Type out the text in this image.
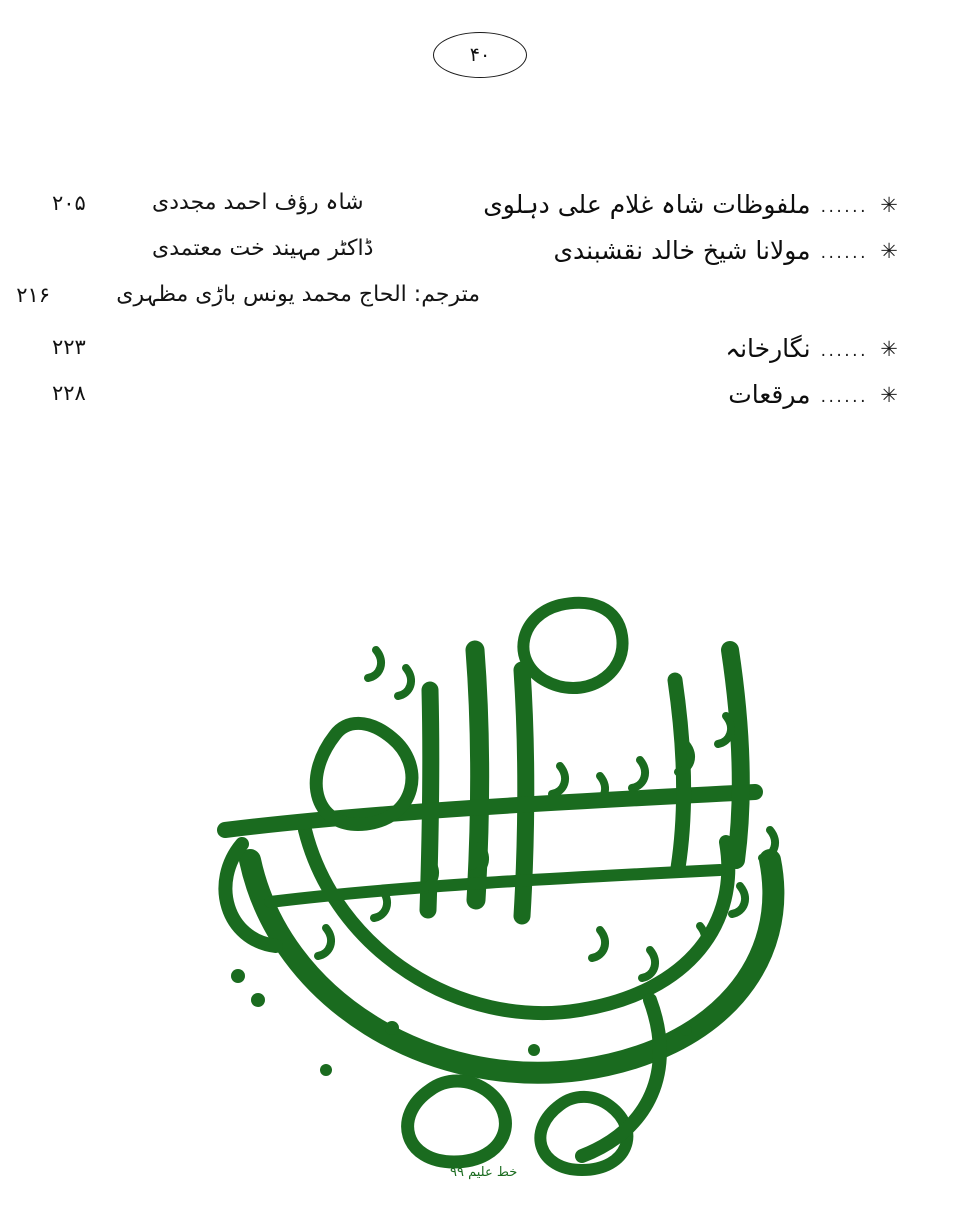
۴۰
✳
......
ملفوظات شاہ غلام علی دہلوی
شاہ رؤف احمد مجددی
۲۰۵
✳
......
مولانا شیخ خالد نقشبندی
ڈاکٹر مہیند خت معتمدی
مترجم: الحاج محمد یونس باڑی مظہری
۲۱۶
✳
......
نگارخانہ
۲۲۳
✳
......
مرقعات
۲۲۸
خط علیم ۹۹
